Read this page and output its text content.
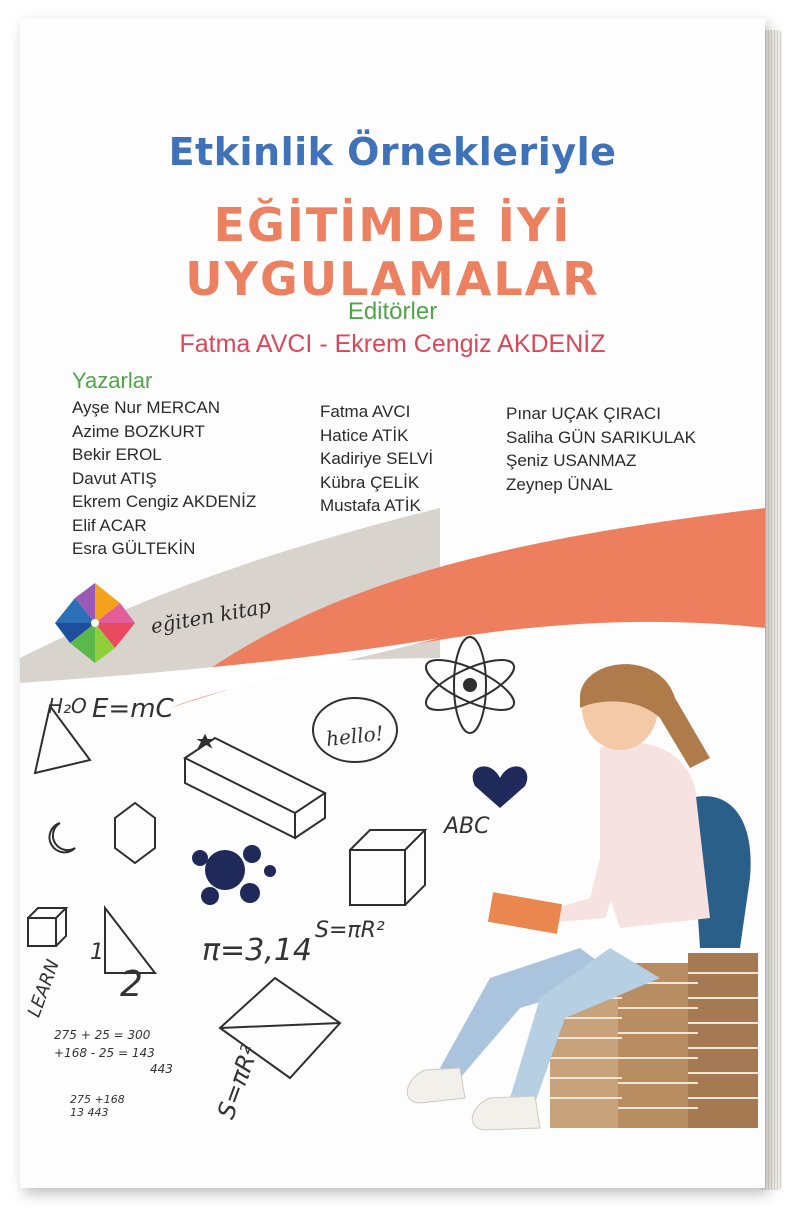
Etkinlik Örnekleriyle
EĞİTİMDE İYİ UYGULAMALAR
Editörler
Fatma AVCI - Ekrem Cengiz AKDENİZ
Yazarlar
Ayşe Nur MERCAN
Azime BOZKURT
Bekir EROL
Davut ATIŞ
Ekrem Cengiz AKDENİZ
Elif ACAR
Esra GÜLTEKİN
Fatma AVCI
Hatice ATİK
Kadiriye SELVİ
Kübra ÇELİK
Mustafa ATİK
Pınar UÇAK ÇIRACI
Saliha GÜN SARIKULAK
Şeniz USANMAZ
Zeynep ÜNAL
eğiten kitap
hello!
H₂O E=mC
ABC
π=3,14
S=πR²
S=πR²
LEARN
1
2
275 + 25 = 300
+168 - 25 = 143
443
275 +168 13 443
